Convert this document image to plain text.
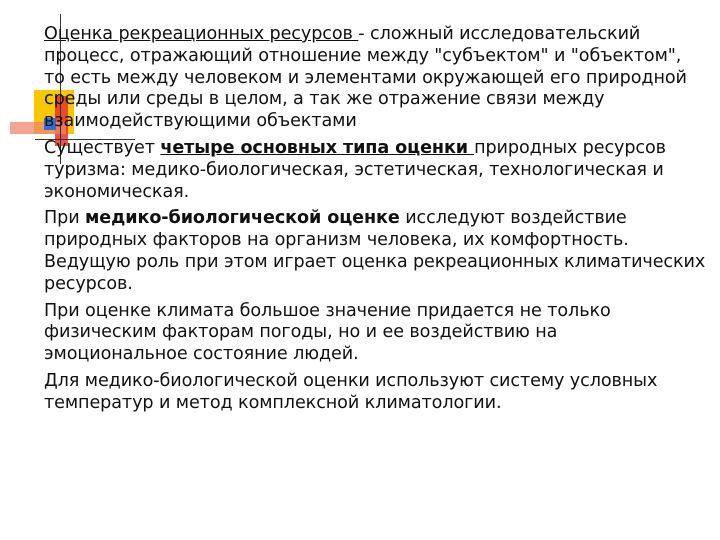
Оценка рекреационных ресурсов - сложный исследовательский процесс, отражающий отношение между "субъектом" и "объектом", то есть между человеком и элементами окружающей его природной среды или среды в целом, а так же отражение связи между взаимодействующими объектами

Существует четыре основных типа оценки природных ресурсов туризма: медико-биологическая, эстетическая, технологическая и экономическая.

При медико-биологической оценке исследуют воздействие природных факторов на организм человека, их комфортность. Ведущую роль при этом играет оценка рекреационных климатических ресурсов.

При оценке климата большое значение придается не только физическим факторам погоды, но и ее воздействию на эмоциональное состояние людей.

Для медико-биологической оценки используют систему условных температур и метод комплексной климатологии.
